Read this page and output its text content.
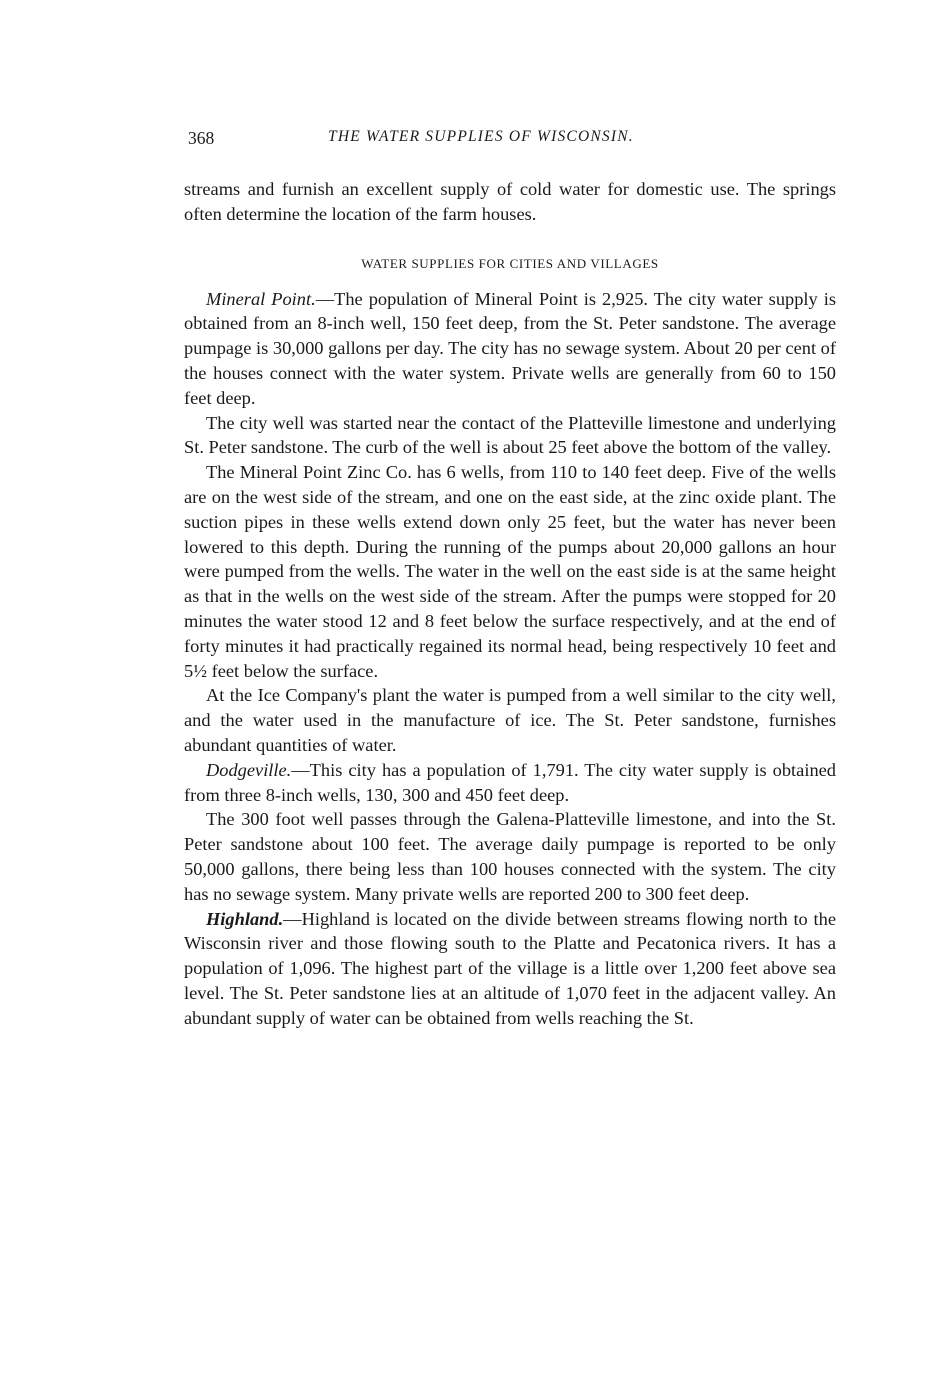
368	THE WATER SUPPLIES OF WISCONSIN.

streams and furnish an excellent supply of cold water for domestic use. The springs often determine the location of the farm houses.

WATER SUPPLIES FOR CITIES AND VILLAGES

Mineral Point.—The population of Mineral Point is 2,925. The city water supply is obtained from an 8-inch well, 150 feet deep, from the St. Peter sandstone. The average pumpage is 30,000 gallons per day. The city has no sewage system. About 20 per cent of the houses connect with the water system. Private wells are generally from 60 to 150 feet deep.

The city well was started near the contact of the Platteville limestone and underlying St. Peter sandstone. The curb of the well is about 25 feet above the bottom of the valley.

The Mineral Point Zinc Co. has 6 wells, from 110 to 140 feet deep. Five of the wells are on the west side of the stream, and one on the east side, at the zinc oxide plant. The suction pipes in these wells extend down only 25 feet, but the water has never been lowered to this depth. During the running of the pumps about 20,000 gallons an hour were pumped from the wells. The water in the well on the east side is at the same height as that in the wells on the west side of the stream. After the pumps were stopped for 20 minutes the water stood 12 and 8 feet below the surface respectively, and at the end of forty minutes it had practically regained its normal head, being respectively 10 feet and 5½ feet below the surface.

At the Ice Company's plant the water is pumped from a well similar to the city well, and the water used in the manufacture of ice. The St. Peter sandstone, furnishes abundant quantities of water.

Dodgeville.—This city has a population of 1,791. The city water supply is obtained from three 8-inch wells, 130, 300 and 450 feet deep.

The 300 foot well passes through the Galena-Platteville limestone, and into the St. Peter sandstone about 100 feet. The average daily pumpage is reported to be only 50,000 gallons, there being less than 100 houses connected with the system. The city has no sewage system. Many private wells are reported 200 to 300 feet deep.

Highland.—Highland is located on the divide between streams flowing north to the Wisconsin river and those flowing south to the Platte and Pecatonica rivers. It has a population of 1,096. The highest part of the village is a little over 1,200 feet above sea level. The St. Peter sandstone lies at an altitude of 1,070 feet in the adjacent valley. An abundant supply of water can be obtained from wells reaching the St.
